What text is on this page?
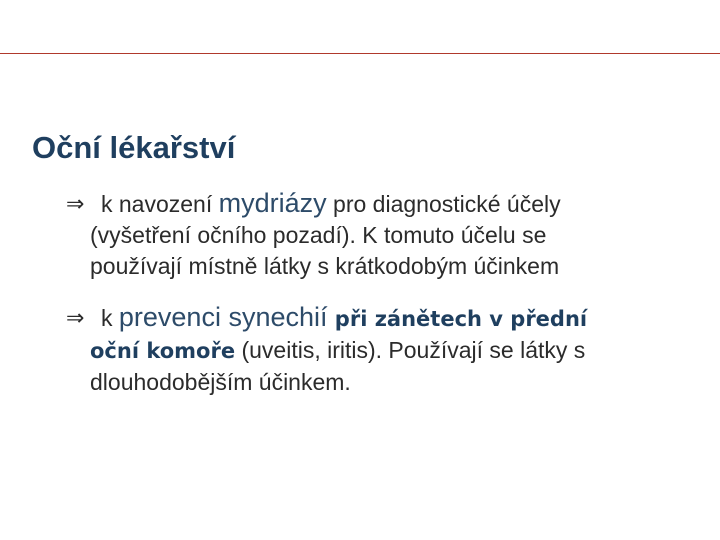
Oční lékařství
⇒ k navození mydriázy pro diagnostické účely
(vyšetření očního pozadí). K tomuto účelu se
používají místně látky s krátkodobým účinkem
⇒ k prevenci synechií při zánětech v přední
oční komoře (uveitis, iritis). Používají se látky s
dlouhodobějším účinkem.
